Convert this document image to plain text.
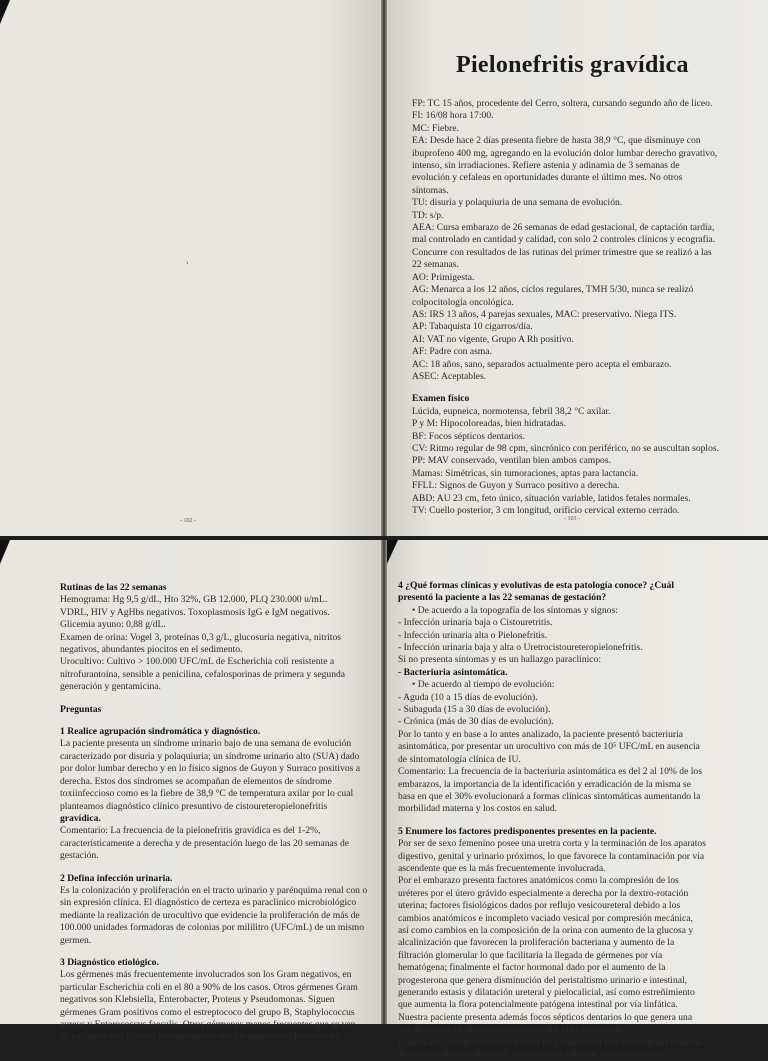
›
- 102 -
Pielonefritis gravídica
FP: TC 15 años, procedente del Cerro, soltera, cursando segundo año de liceo.
FI: 16/08 hora 17:00.
MC: Fiebre.
EA: Desde hace 2 días presenta fiebre de hasta 38,9 °C, que disminuye con
ibuprofeno 400 mg, agregando en la evolución dolor lumbar derecho gravativo,
intenso, sin irradiaciones. Refiere astenia y adinamia de 3 semanas de
evolución y cefaleas en oportunidades durante el último mes. No otros
síntomas.
TU: disuria y polaquiuria de una semana de evolución.
TD: s/p.
AEA: Cursa embarazo de 26 semanas de edad gestacional, de captación tardía,
mal controlado en cantidad y calidad, con solo 2 controles clínicos y ecografía.
Concurre con resultados de las rutinas del primer trimestre que se realizó a las
22 semanas.
AO: Primigesta.
AG: Menarca a los 12 años, ciclos regulares, TMH 5/30, nunca se realizó
colpocitología oncológica.
AS: IRS 13 años, 4 parejas sexuales, MAC: preservativo. Niega ITS.
AP: Tabaquista 10 cigarros/día.
AI: VAT no vigente, Grupo A Rh positivo.
AF: Padre con asma.
AC: 18 años, sano, separados actualmente pero acepta el embarazo.
ASEC: Aceptables.
Examen físico
Lúcida, eupneica, normotensa, febril 38,2 °C axilar.
P y M: Hipocoloreadas, bien hidratadas.
BF: Focos sépticos dentarios.
CV: Ritmo regular de 98 cpm, sincrónico con periférico, no se auscultan soplos.
PP: MAV conservado, ventilan bien ambos campos.
Mamas: Simétricas, sin tumoraciones, aptas para lactancia.
FFLL: Signos de Guyon y Surraco positivo a derecha.
ABD: AU 23 cm, feto único, situación variable, latidos fetales normales.
TV: Cuello posterior, 3 cm longitud, orificio cervical externo cerrado.
- 103 -
Rutinas de las 22 semanas
Hemograma: Hg 9,5 g/dL, Hto 32%, GB 12.000, PLQ 230.000 u/mL.
VDRL, HIV y AgHbs negativos. Toxoplasmosis IgG e IgM negativos.
Glicemia ayuno: 0,88 g/dL.
Examen de orina: Vogel 3, proteínas 0,3 g/L, glucosuria negativa, nitritos
negativos, abundantes piocitos en el sedimento.
Urocultivo: Cultivo > 100.000 UFC/mL de Escherichia coli resistente a
nitrofurantoína, sensible a penicilina, cefalosporinas de primera y segunda
generación y gentamicina.
Preguntas
1 Realice agrupación sindromática y diagnóstico.
La paciente presenta un síndrome urinario bajo de una semana de evolución
caracterizado por disuria y polaquiuria; un síndrome urinario alto (SUA) dado
por dolor lumbar derecho y en lo físico signos de Guyon y Surraco positivos a
derecha. Estos dos síndromes se acompañan de elementos de síndrome
toxiinfeccioso como es la fiebre de 38,9 °C de temperatura axilar por lo cual
planteamos diagnóstico clínico presuntivo de cistoureteropielonefritis
gravídica.
Comentario: La frecuencia de la pielonefritis gravídica es del 1-2%,
característicamente a derecha y de presentación luego de las 20 semanas de
gestación.
2 Defina infección urinaria.
Es la colonización y proliferación en el tracto urinario y parénquima renal con o
sin expresión clínica. El diagnóstico de certeza es paraclínico microbiológico
mediante la realización de urocultivo que evidencie la proliferación de más de
100.000 unidades formadoras de colonias por mililitro (UFC/mL) de un mismo
germen.
3 Diagnóstico etiológico.
Los gérmenes más frecuentemente involucrados son los Gram negativos, en
particular Escherichia coli en el 80 a 90% de los casos. Otros gérmenes Gram
negativos son Klebsiella, Enterobacter, Proteus y Pseudomonas. Siguen
gérmenes Gram positivos como el estreptococo del grupo B, Staphylococcus
aureus y Enterococcus faecalis. Otros gérmenes menos frecuentes que se ven
en pacientes con factores predisponentes son los anaerobios, Bacteroides
4 ¿Qué formas clínicas y evolutivas de esta patología conoce? ¿Cuál
presentó la paciente a las 22 semanas de gestación?
• De acuerdo a la topografía de los síntomas y signos:
- Infección urinaria baja o Cistouretritis.
- Infección urinaria alta o Pielonefritis.
- Infección urinaria baja y alta o Uretrocistoureteropielonefritis.
Si no presenta síntomas y es un hallazgo paraclínico:
- Bacteriuria asintomática.
• De acuerdo al tiempo de evolución:
- Aguda (10 a 15 días de evolución).
- Subaguda (15 a 30 días de evolución).
- Crónica (más de 30 días de evolución).
Por lo tanto y en base a lo antes analizado, la paciente presentó bacteriuria
asintomática, por presentar un urocultivo con más de 10⁵ UFC/mL en ausencia
de sintomatología clínica de IU.
Comentario: La frecuencia de la bacteriuria asintomática es del 2 al 10% de los
embarazos, la importancia de la identificación y erradicación de la misma se
basa en que el 30% evolucionará a formas clínicas sintomáticas aumentando la
morbilidad materna y los costos en salud.
5 Enumere los factores predisponentes presentes en la paciente.
Por ser de sexo femenino posee una uretra corta y la terminación de los aparatos
digestivo, genital y urinario próximos, lo que favorece la contaminación por vía
ascendente que es la más frecuentemente involucrada.
Por el embarazo presenta factores anatómicos como la compresión de los
uréteres por el útero grávido especialmente a derecha por la dextro-rotación
uterina; factores fisiológicos dados por reflujo vesicoureteral debido a los
cambios anatómicos e incompleto vaciado vesical por compresión mecánica,
así como cambios en la composición de la orina con aumento de la glucosa y
alcalinización que favorecen la proliferación bacteriana y aumento de la
filtración glomerular lo que facilitaría la llegada de gérmenes por vía
hematógena; finalmente el factor hormonal dado por el aumento de la
progesterona que genera disminución del peristaltismo urinario e intestinal,
generando estasis y dilatación ureteral y pielocalicial, así como estreñimiento
que aumenta la flora potencialmente patógena intestinal por vía linfática.
Nuestra paciente presenta además focos sépticos dentarios lo que genera una
vía de entrada de gérmenes patógenos por vía hematógena.
Comentario: Otros factores maternos no presentes en este caso son la presencia
de cálculos renales, diabetes, neuropatías y válvulas vesicoureterales
